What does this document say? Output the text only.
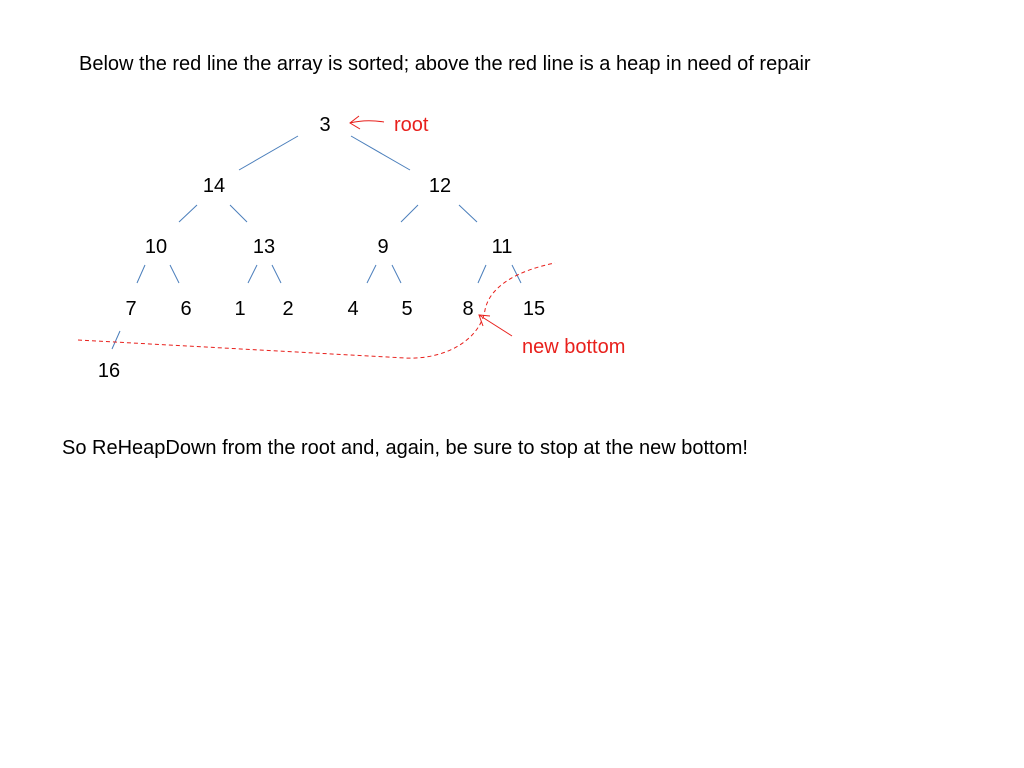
Below the red line the array is sorted; above the red line is a heap in need of repair
3
14	12
10	13	9	11
7 6 1 2	4 5 8 15
16
root
new bottom
So ReHeapDown from the root and, again, be sure to stop at the new bottom!
